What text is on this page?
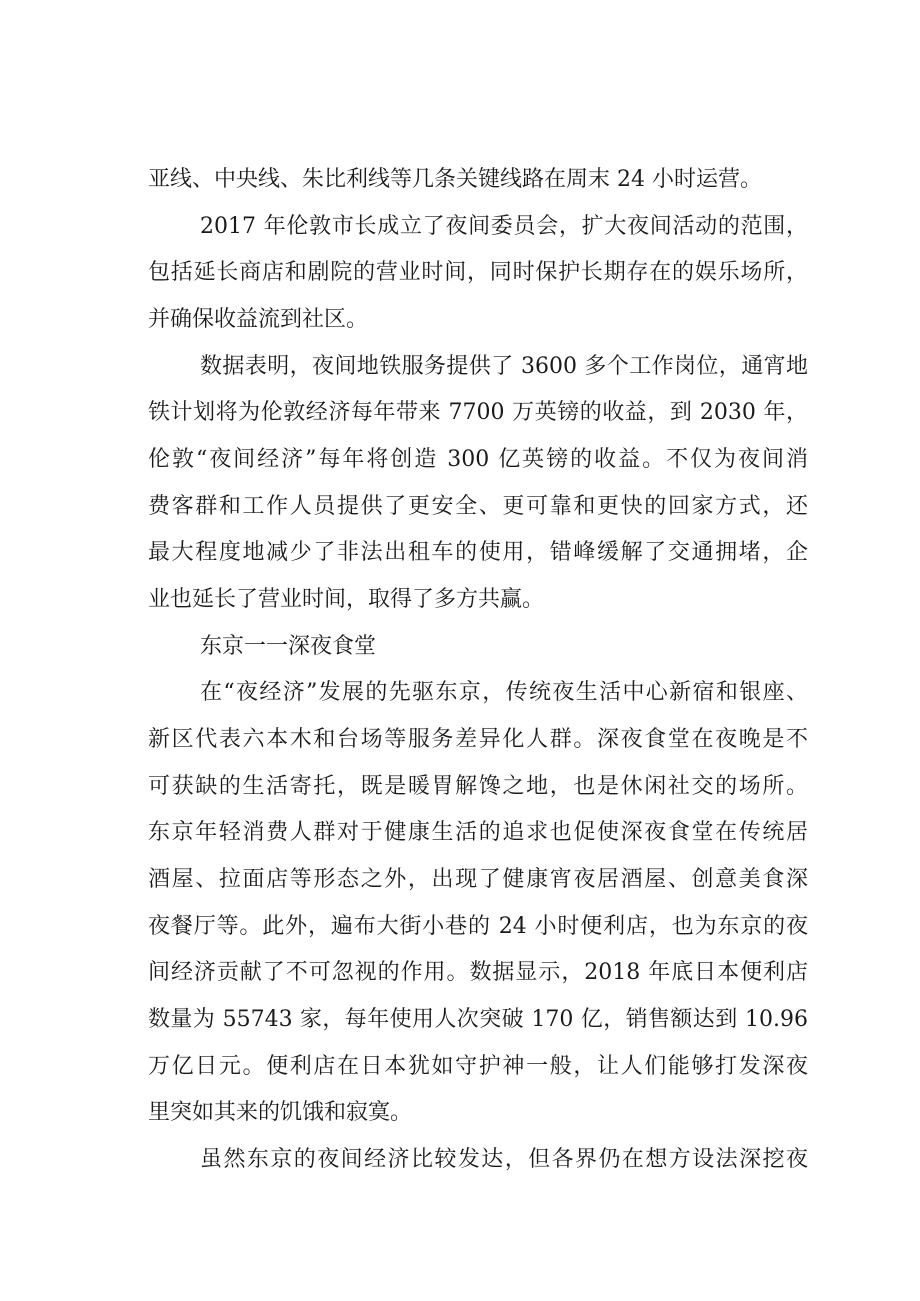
亚线、中央线、朱比利线等几条关键线路在周末 24 小时运营。
2017 年伦敦市长成立了夜间委员会，扩大夜间活动的范围，
包括延长商店和剧院的营业时间，同时保护长期存在的娱乐场所，
并确保收益流到社区。
数据表明，夜间地铁服务提供了 3600 多个工作岗位，通宵地
铁计划将为伦敦经济每年带来 7700 万英镑的收益，到 2030 年，
伦敦“夜间经济”每年将创造 300 亿英镑的收益。不仅为夜间消
费客群和工作人员提供了更安全、更可靠和更快的回家方式，还
最大程度地减少了非法出租车的使用，错峰缓解了交通拥堵，企
业也延长了营业时间，取得了多方共赢。
东京一一深夜食堂
在“夜经济”发展的先驱东京，传统夜生活中心新宿和银座、
新区代表六本木和台场等服务差异化人群。深夜食堂在夜晚是不
可获缺的生活寄托，既是暖胃解馋之地，也是休闲社交的场所。
东京年轻消费人群对于健康生活的追求也促使深夜食堂在传统居
酒屋、拉面店等形态之外，出现了健康宵夜居酒屋、创意美食深
夜餐厅等。此外，遍布大街小巷的 24 小时便利店，也为东京的夜
间经济贡献了不可忽视的作用。数据显示，2018 年底日本便利店
数量为 55743 家，每年使用人次突破 170 亿，销售额达到 10.96
万亿日元。便利店在日本犹如守护神一般，让人们能够打发深夜
里突如其来的饥饿和寂寞。
虽然东京的夜间经济比较发达，但各界仍在想方设法深挖夜
